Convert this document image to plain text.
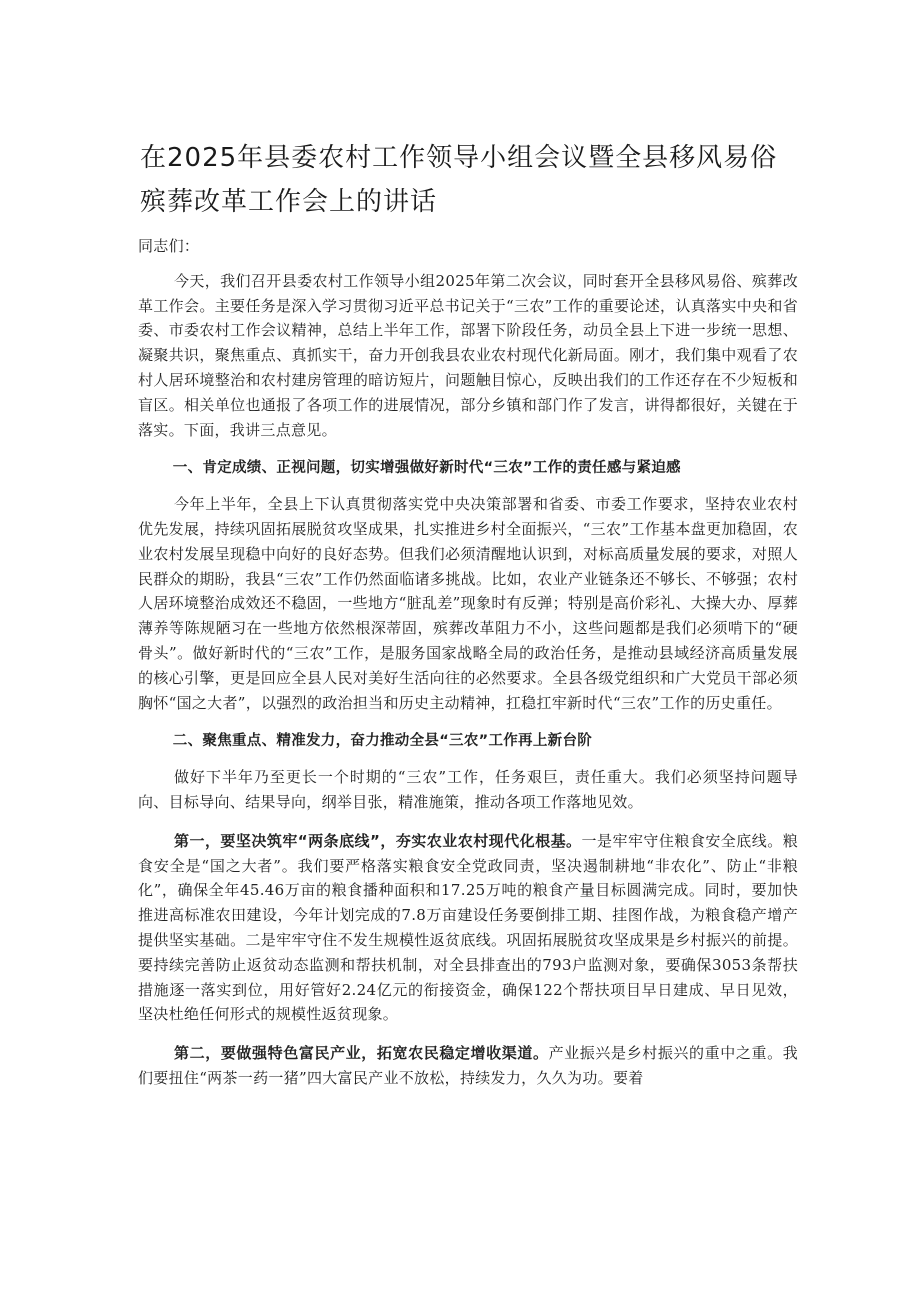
在2025年县委农村工作领导小组会议暨全县移风易俗殡葬改革工作会上的讲话

同志们：

今天，我们召开县委农村工作领导小组2025年第二次会议，同时套开全县移风易俗、殡葬改革工作会。主要任务是深入学习贯彻习近平总书记关于“三农”工作的重要论述，认真落实中央和省委、市委农村工作会议精神，总结上半年工作，部署下阶段任务，动员全县上下进一步统一思想、凝聚共识，聚焦重点、真抓实干，奋力开创我县农业农村现代化新局面。刚才，我们集中观看了农村人居环境整治和农村建房管理的暗访短片，问题触目惊心，反映出我们的工作还存在不少短板和盲区。相关单位也通报了各项工作的进展情况，部分乡镇和部门作了发言，讲得都很好，关键在于落实。下面，我讲三点意见。

一、肯定成绩、正视问题，切实增强做好新时代“三农”工作的责任感与紧迫感

今年上半年，全县上下认真贯彻落实党中央决策部署和省委、市委工作要求，坚持农业农村优先发展，持续巩固拓展脱贫攻坚成果，扎实推进乡村全面振兴，“三农”工作基本盘更加稳固，农业农村发展呈现稳中向好的良好态势。但我们必须清醒地认识到，对标高质量发展的要求，对照人民群众的期盼，我县“三农”工作仍然面临诸多挑战。比如，农业产业链条还不够长、不够强；农村人居环境整治成效还不稳固，一些地方“脏乱差”现象时有反弹；特别是高价彩礼、大操大办、厚葬薄养等陈规陋习在一些地方依然根深蒂固，殡葬改革阻力不小，这些问题都是我们必须啃下的“硬骨头”。做好新时代的“三农”工作，是服务国家战略全局的政治任务，是推动县域经济高质量发展的核心引擎，更是回应全县人民对美好生活向往的必然要求。全县各级党组织和广大党员干部必须胸怀“国之大者”，以强烈的政治担当和历史主动精神，扛稳扛牢新时代“三农”工作的历史重任。

二、聚焦重点、精准发力，奋力推动全县“三农”工作再上新台阶

做好下半年乃至更长一个时期的“三农”工作，任务艰巨，责任重大。我们必须坚持问题导向、目标导向、结果导向，纲举目张，精准施策，推动各项工作落地见效。

第一，要坚决筑牢“两条底线”，夯实农业农村现代化根基。一是牢牢守住粮食安全底线。粮食安全是“国之大者”。我们要严格落实粮食安全党政同责，坚决遏制耕地“非农化”、防止“非粮化”，确保全年45.46万亩的粮食播种面积和17.25万吨的粮食产量目标圆满完成。同时，要加快推进高标准农田建设，今年计划完成的7.8万亩建设任务要倒排工期、挂图作战，为粮食稳产增产提供坚实基础。二是牢牢守住不发生规模性返贫底线。巩固拓展脱贫攻坚成果是乡村振兴的前提。要持续完善防止返贫动态监测和帮扶机制，对全县排查出的793户监测对象，要确保3053条帮扶措施逐一落实到位，用好管好2.24亿元的衔接资金，确保122个帮扶项目早日建成、早日见效，坚决杜绝任何形式的规模性返贫现象。

第二，要做强特色富民产业，拓宽农民稳定增收渠道。产业振兴是乡村振兴的重中之重。我们要扭住“两茶一药一猪”四大富民产业不放松，持续发力，久久为功。要着
